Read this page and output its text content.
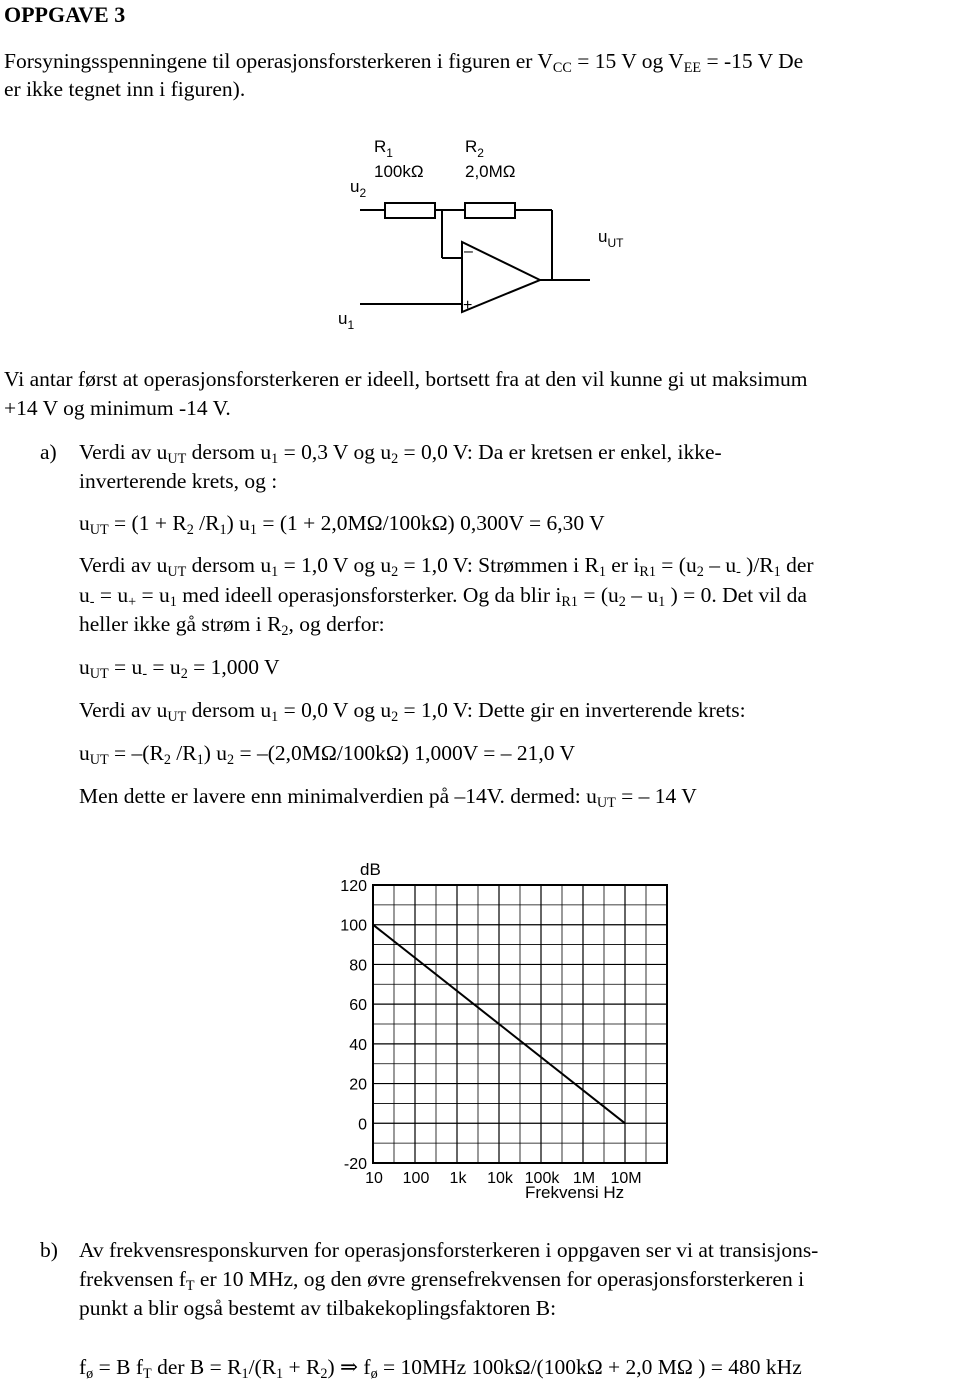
OPPGAVE 3
Forsyningsspenningene til operasjonsforsterkeren i figuren er $V_{CC} = 15$ V og $V_{EE} = -15$ V De
er ikke tegnet inn i figuren).
$R_1$
100kΩ
$R_2$
2,0MΩ
$u_2$
$u_{UT}$
$u_1$
–
+
Vi antar først at operasjonsforsterkeren er ideell, bortsett fra at den vil kunne gi ut maksimum
+14 V og minimum -14 V.
a) Verdi av $u_{UT}$ dersom $u_1 = 0,3$ V og $u_2 = 0,0$ V: Da er kretsen er enkel, ikke-
inverterende krets, og :
$u_{UT} = (1 + R_2$ $/R_1$) $u_1 = (1 + 2,0M\Omega/100k\Omega) 0,300V = 6,30$ V
Verdi av $u_{UT}$ dersom $u_1 = 1,0$ V og $u_2 = 1,0$ V: Strømmen i $R_1$ er $i_{R1} = (u_2 - u_-$ )$/R_1$ der
$u_- = u_+ = u_1$ med ideell operasjonsforsterker. Og da blir $i_{R1} = (u_2 - u_1$ ) = 0. Det vil da
heller ikke gå strøm i $R_2$, og derfor:
$u_{UT} = u_- = u_2 = 1,000$ V
Verdi av $u_{UT}$ dersom $u_1 = 0,0$ V og $u_2 = 1,0$ V: Dette gir en inverterende krets:
$u_{UT} = -(R_2$ $/R_1$) $u_2 = -(2,0M\Omega/100k\Omega) 1,000V$ = – 21,0 V
Men dette er lavere enn minimalverdien på –14V. dermed: $u_{UT}$ = – 14 V
120
100
80
60
40
20
0
-20
10 100 1k 10k 100k 1M 10M
dB
Frekvensi Hz
b) Av frekvensresponskurven for operasjonsforsterkeren i oppgaven ser vi at transisjons-
frekvensen $f_T$ er 10 MHz, og den øvre grensefrekvensen for operasjonsforsterkeren i
punkt a blir også bestemt av tilbakekoplingsfaktoren B:
$f_ø = B$ $f_T$ der $B = R_1/(R_1 + R_2)$ ⇒ $f_ø = 10MHz$ 100kΩ/(100kΩ + 2,0 MΩ ) = 480 kHz
